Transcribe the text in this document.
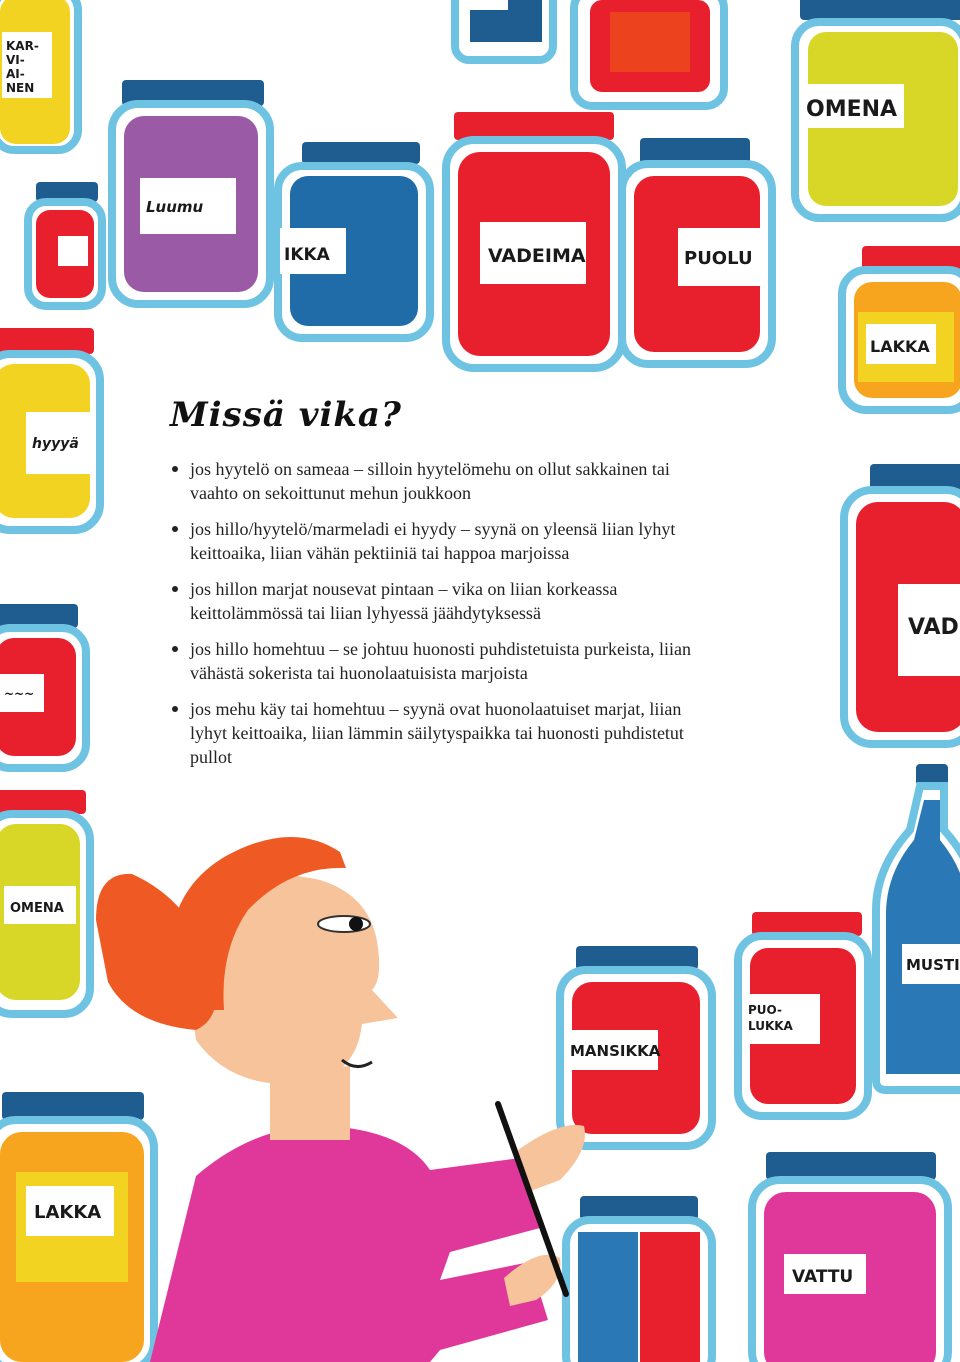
KAR- VI- AI- NEN
OMENA
Luumu
IKKA	VADEIMA	PUOLU
LAKKA
hyyyä
VAD
~~~
OMENA
MUSTI
PUO- LUKKA
MANSIKKA
LAKKA
VATTU
Missä vika?
jos hyytelö on sameaa – silloin hyytelömehu on ollut sakkainen tai vaahto on sekoittunut mehun joukkoon
jos hillo/hyytelö/marmeladi ei hyydy – syynä on yleensä liian lyhyt keittoaika, liian vähän pektiiniä tai happoa marjoissa
jos hillon marjat nousevat pintaan – vika on liian korkeassa keittolämmössä tai liian lyhyessä jäähdytyksessä
jos hillo homehtuu – se johtuu huonosti puhdistetuista purkeista, liian vähästä sokerista tai huonolaatuisista marjoista
jos mehu käy tai homehtuu – syynä ovat huonolaatuiset marjat, liian lyhyt keittoaika, liian lämmin säilytyspaikka tai huonosti puhdistetut pullot
